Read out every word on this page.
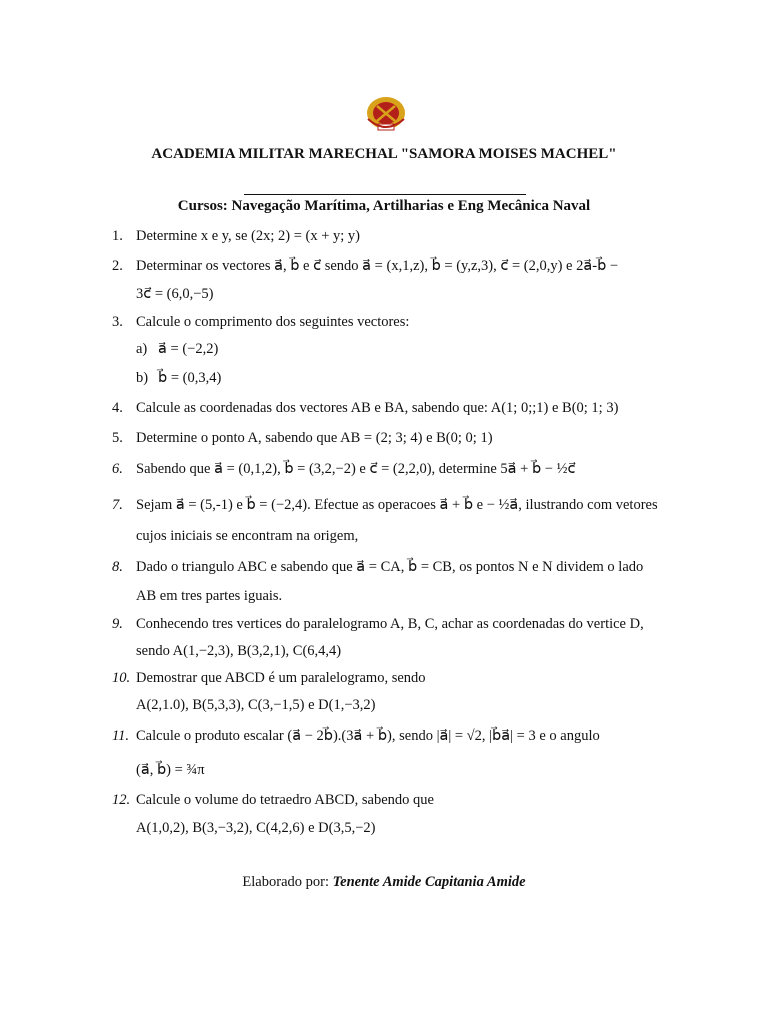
ACADEMIA MILITAR MARECHAL "SAMORA MOISES MACHEL"
Cursos: Navegação Marítima, Artilharias e Eng Mecânica Naval
1. Determine x e y, se (2x; 2) = (x + y; y)
2. Determinar os vectores a⃗, b⃗ e c⃗ sendo a⃗ = (x,1,z), b⃗ = (y,z,3), c⃗ = (2,0,y) e 2a⃗-b⃗ −
3c⃗ = (6,0,−5)
3. Calcule o comprimento dos seguintes vectores:
a) a⃗ = (−2,2)
b) b⃗ = (0,3,4)
4. Calcule as coordenadas dos vectores AB e BA, sabendo que: A(1; 0;;1) e B(0; 1; 3)
5. Determine o ponto A, sabendo que AB = (2; 3; 4) e B(0; 0; 1)
6. Sabendo que a⃗ = (0,1,2), b⃗ = (3,2,−2) e c⃗ = (2,2,0), determine 5a⃗ + b⃗ − ½c⃗
7. Sejam a⃗ = (5,-1) e b⃗ = (−2,4). Efectue as operacoes a⃗ + b⃗ e − ½a⃗, ilustrando com vetores
cujos iniciais se encontram na origem,
8. Dado o triangulo ABC e sabendo que a⃗ = CA, b⃗ = CB, os pontos N e N dividem o lado
AB em tres partes iguais.
9. Conhecendo tres vertices do paralelogramo A, B, C, achar as coordenadas do vertice D,
sendo A(1,−2,3), B(3,2,1), C(6,4,4)
10. Demostrar que ABCD é um paralelogramo, sendo
A(2,1.0), B(5,3,3), C(3,−1,5) e D(1,−3,2)
11. Calcule o produto escalar (a⃗ − 2b⃗).(3a⃗ + b⃗), sendo |a⃗| = √2, |b⃗a⃗| = 3 e o angulo
(a⃗, b⃗) = ¾π
12. Calcule o volume do tetraedro ABCD, sabendo que
A(1,0,2), B(3,−3,2), C(4,2,6) e D(3,5,−2)
Elaborado por: Tenente Amide Capitania Amide
